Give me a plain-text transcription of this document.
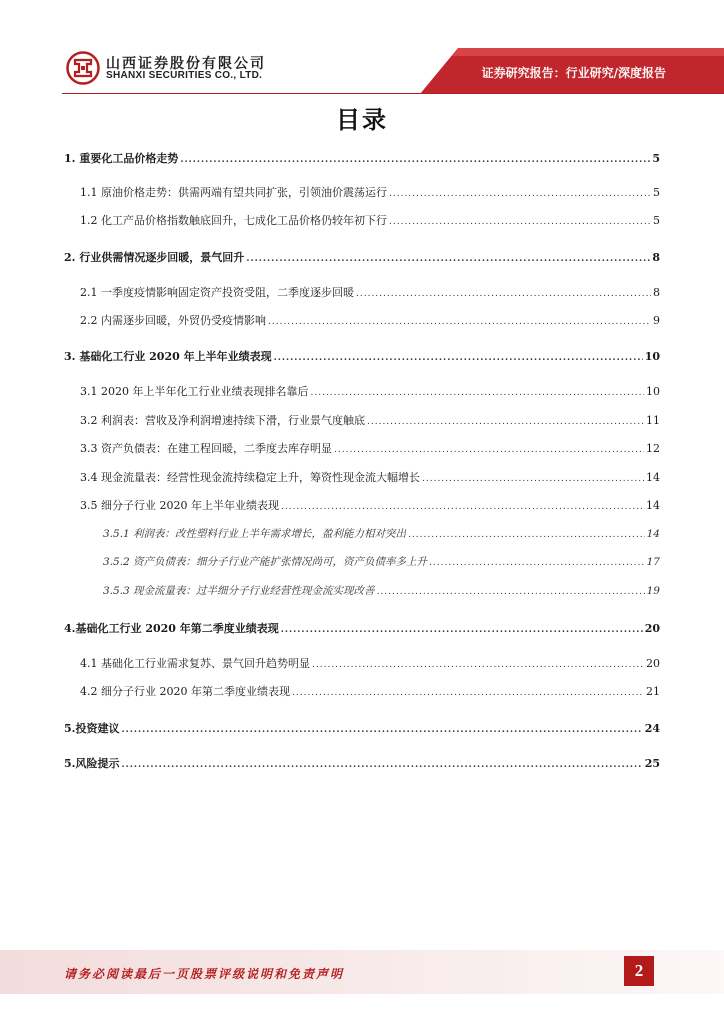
山西证券股份有限公司
SHANXI SECURITIES CO., LTD.	证券研究报告：行业研究/深度报告
目录
1. 重要化工品价格走势 .....	5
1.1 原油价格走势：供需两端有望共同扩张，引领油价震荡运行 .....	5
1.2 化工产品价格指数触底回升，七成化工品价格仍较年初下行 .....	5
2. 行业供需情况逐步回暖，景气回升 .....	8
2.1 一季度疫情影响固定资产投资受阻，二季度逐步回暖 .....	8
2.2 内需逐步回暖，外贸仍受疫情影响 .....	9
3. 基础化工行业 2020 年上半年业绩表现 .....	10
3.1 2020 年上半年化工行业业绩表现排名靠后 .....	10
3.2 利润表：营收及净利润增速持续下滑，行业景气度触底 .....	11
3.3 资产负债表：在建工程回暖，二季度去库存明显 .....	12
3.4 现金流量表：经营性现金流持续稳定上升，筹资性现金流大幅增长 .....	14
3.5 细分子行业 2020 年上半年业绩表现 .....	14
3.5.1 利润表：改性塑料行业上半年需求增长，盈利能力相对突出 .....	14
3.5.2 资产负债表：细分子行业产能扩张情况尚可，资产负债率多上升 .....	17
3.5.3 现金流量表：过半细分子行业经营性现金流实现改善 .....	19
4.基础化工行业 2020 年第二季度业绩表现 .....	20
4.1 基础化工行业需求复苏、景气回升趋势明显 .....	20
4.2 细分子行业 2020 年第二季度业绩表现 .....	21
5.投资建议 .....	24
5.风险提示 .....	25
请务必阅读最后一页股票评级说明和免责声明	2
